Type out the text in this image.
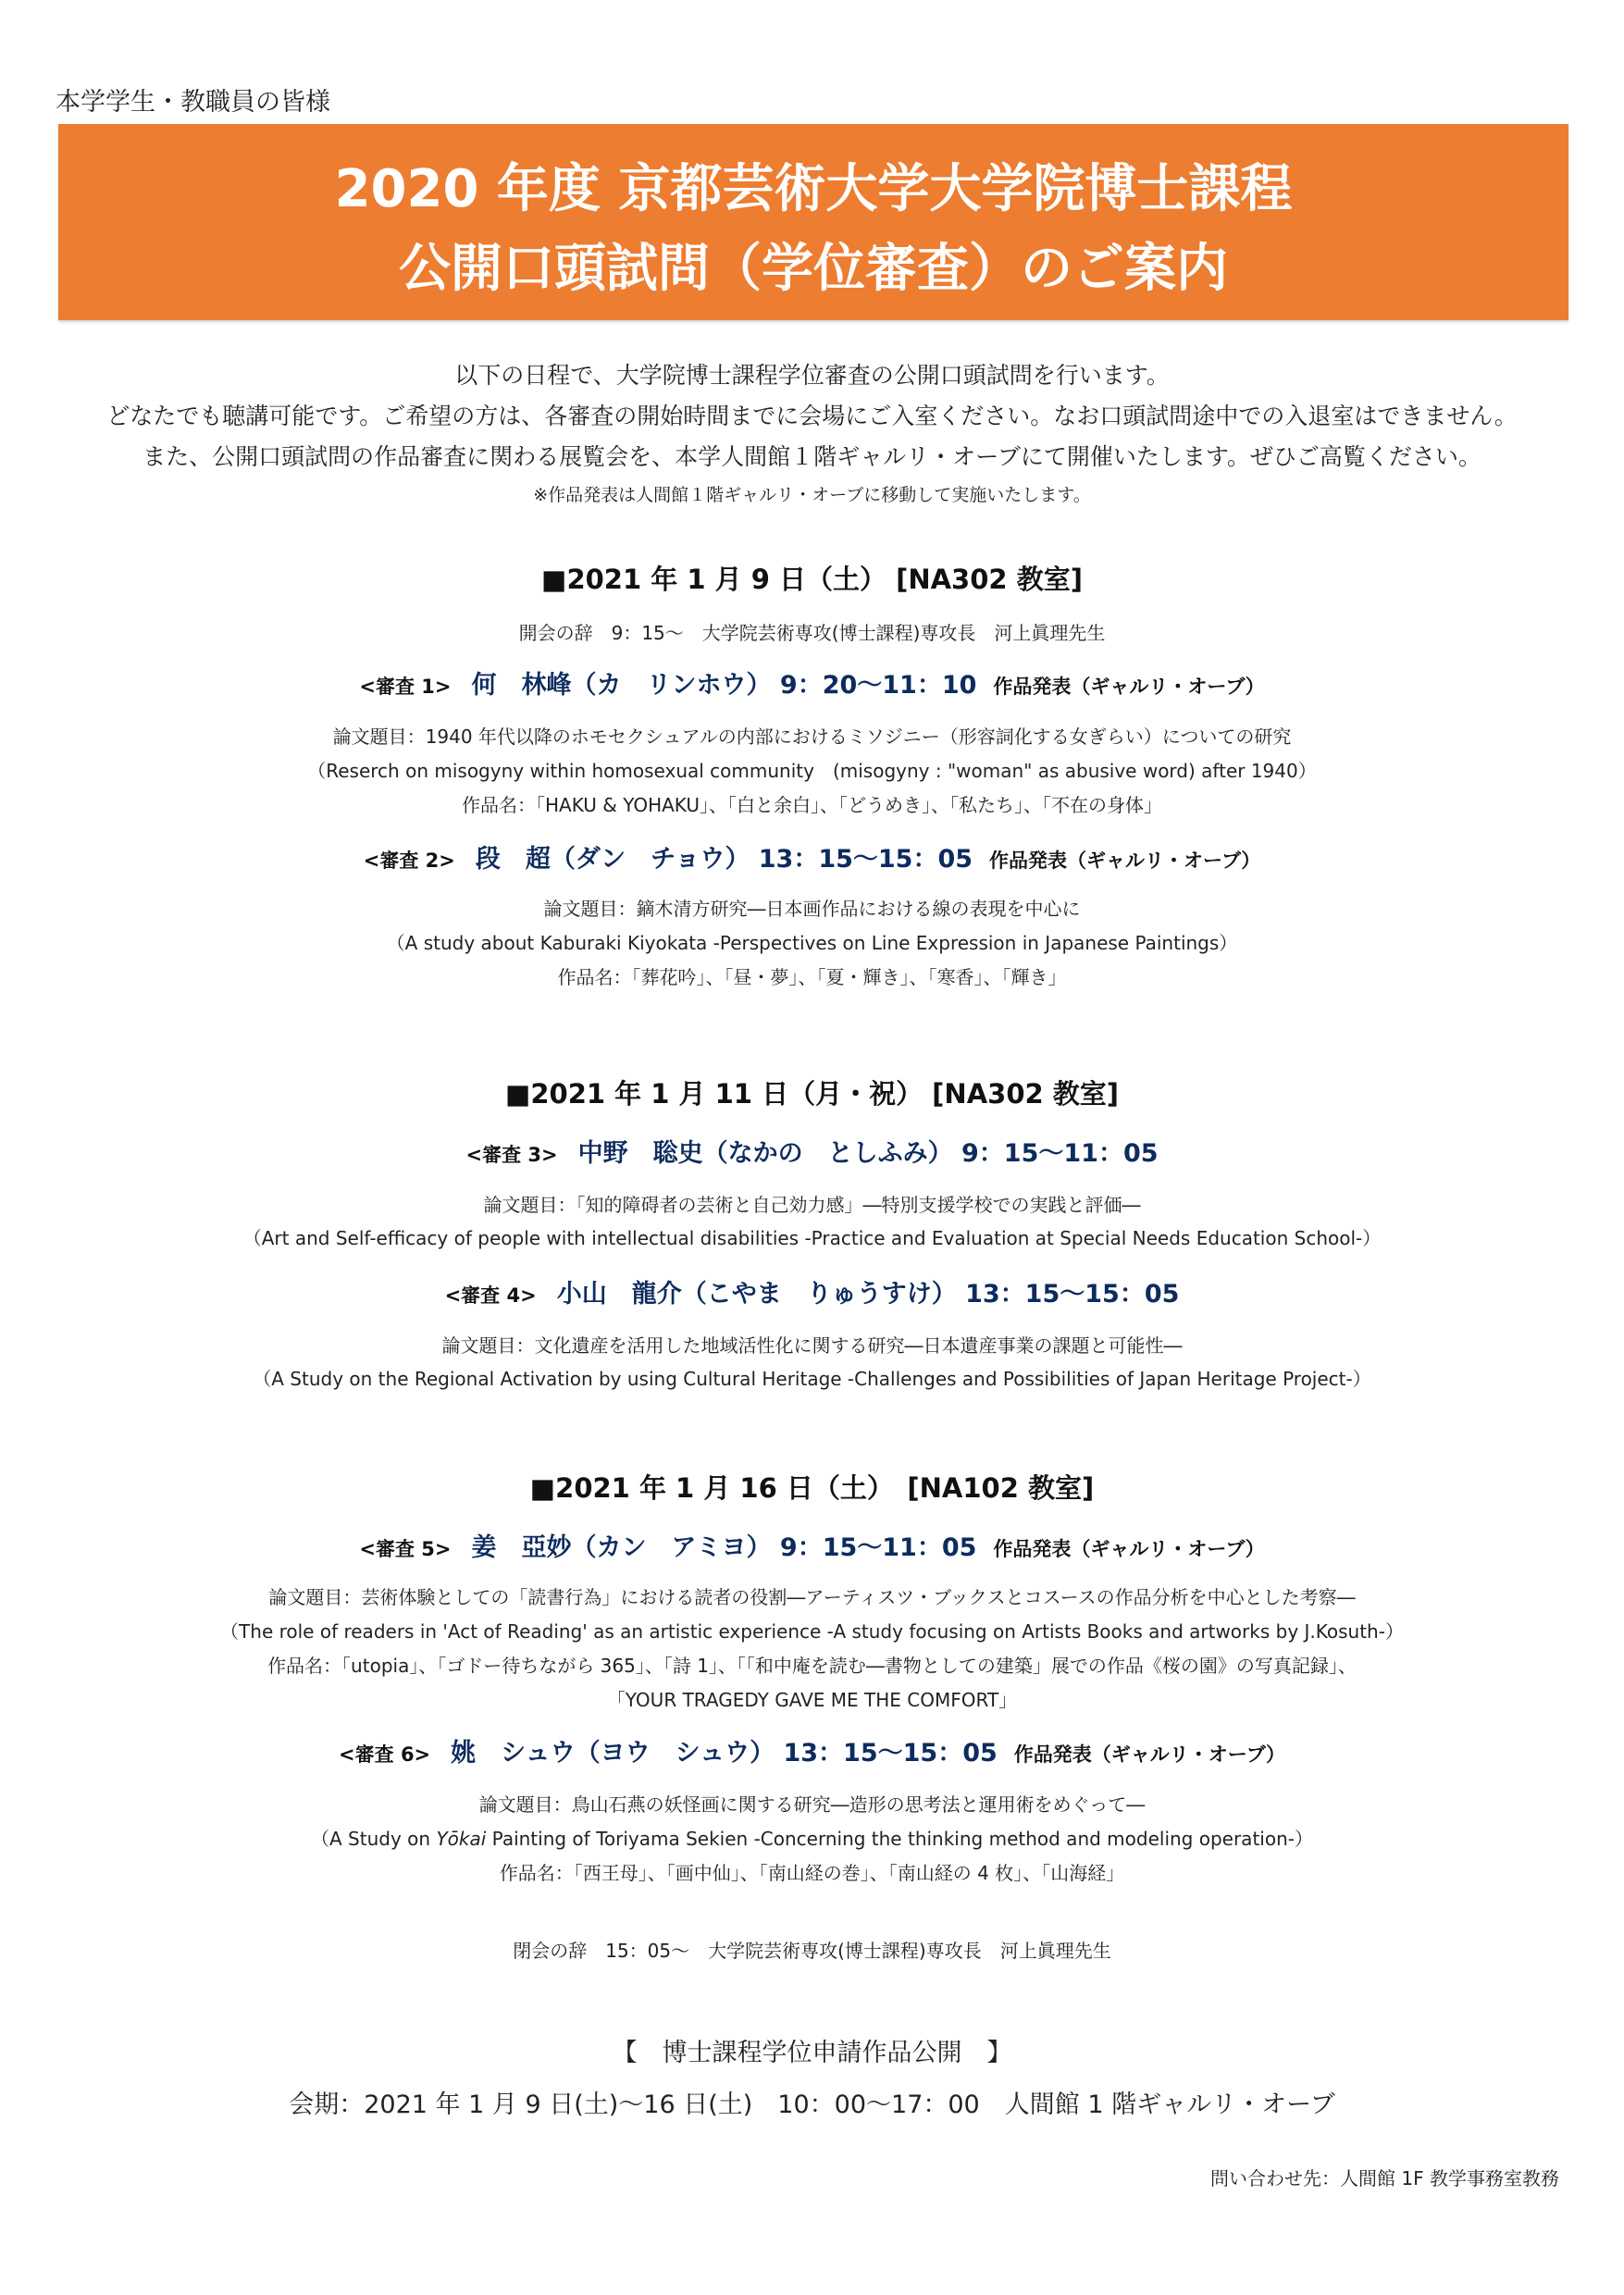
本学学生・教職員の皆様
2020 年度 京都芸術大学大学院博士課程
公開口頭試問（学位審査）のご案内
以下の日程で、大学院博士課程学位審査の公開口頭試問を行います。
どなたでも聴講可能です。ご希望の方は、各審査の開始時間までに会場にご入室ください。なお口頭試問途中での入退室はできません。
また、公開口頭試問の作品審査に関わる展覧会を、本学人間館１階ギャルリ・オーブにて開催いたします。ぜひご高覧ください。
※作品発表は人間館１階ギャルリ・オーブに移動して実施いたします。
■2021 年 1 月 9 日（土） [NA302 教室]
開会の辞　9：15〜　大学院芸術専攻(博士課程)専攻長　河上眞理先生
<審査 1> 何　林峰（カ　リンホウ） 9：20〜11：10 作品発表（ギャルリ・オーブ）
論文題目：1940 年代以降のホモセクシュアルの内部におけるミソジニー（形容詞化する女ぎらい）についての研究
（Reserch on misogyny within homosexual community　(misogyny : "woman" as abusive word) after 1940）
作品名：「HAKU & YOHAKU」、「白と余白」、「どうめき」、「私たち」、「不在の身体」
<審査 2> 段　超（ダン　チョウ） 13：15〜15：05 作品発表（ギャルリ・オーブ）
論文題目：鏑木清方研究―日本画作品における線の表現を中心に
（A study about Kaburaki Kiyokata -Perspectives on Line Expression in Japanese Paintings）
作品名：「葬花吟」、「昼・夢」、「夏・輝き」、「寒香」、「輝き」
■2021 年 1 月 11 日（月・祝） [NA302 教室]
<審査 3> 中野　聡史（なかの　としふみ） 9：15〜11：05
論文題目：「知的障碍者の芸術と自己効力感」―特別支援学校での実践と評価―
（Art and Self-efficacy of people with intellectual disabilities -Practice and Evaluation at Special Needs Education School-）
<審査 4> 小山　龍介（こやま　りゅうすけ） 13：15〜15：05
論文題目：文化遺産を活用した地域活性化に関する研究―日本遺産事業の課題と可能性―
（A Study on the Regional Activation by using Cultural Heritage -Challenges and Possibilities of Japan Heritage Project-）
■2021 年 1 月 16 日（土）　[NA102 教室]
<審査 5> 姜　亞妙（カン　アミヨ） 9：15〜11：05 作品発表（ギャルリ・オーブ）
論文題目：芸術体験としての「読書行為」における読者の役割―アーティスツ・ブックスとコスースの作品分析を中心とした考察―
（The role of readers in 'Act of Reading' as an artistic experience -A study focusing on Artists Books and artworks by J.Kosuth-）
作品名：「utopia」、「ゴドー待ちながら 365」、「詩 1」、「「和中庵を読む―書物としての建築」展での作品《桜の園》の写真記録」、
「YOUR TRAGEDY GAVE ME THE COMFORT」
<審査 6> 姚　シュウ（ヨウ　シュウ） 13：15〜15：05 作品発表（ギャルリ・オーブ）
論文題目：鳥山石燕の妖怪画に関する研究―造形の思考法と運用術をめぐって―
（A Study on Yōkai Painting of Toriyama Sekien -Concerning the thinking method and modeling operation-）
作品名：「西王母」、「画中仙」、「南山経の巻」、「南山経の 4 枚」、「山海経」
閉会の辞　15：05〜　大学院芸術専攻(博士課程)専攻長　河上眞理先生
【　博士課程学位申請作品公開　】
会期：2021 年 1 月 9 日(土)〜16 日(土)　10：00〜17：00　人間館 1 階ギャルリ・オーブ
問い合わせ先：人間館 1F 教学事務室教務
